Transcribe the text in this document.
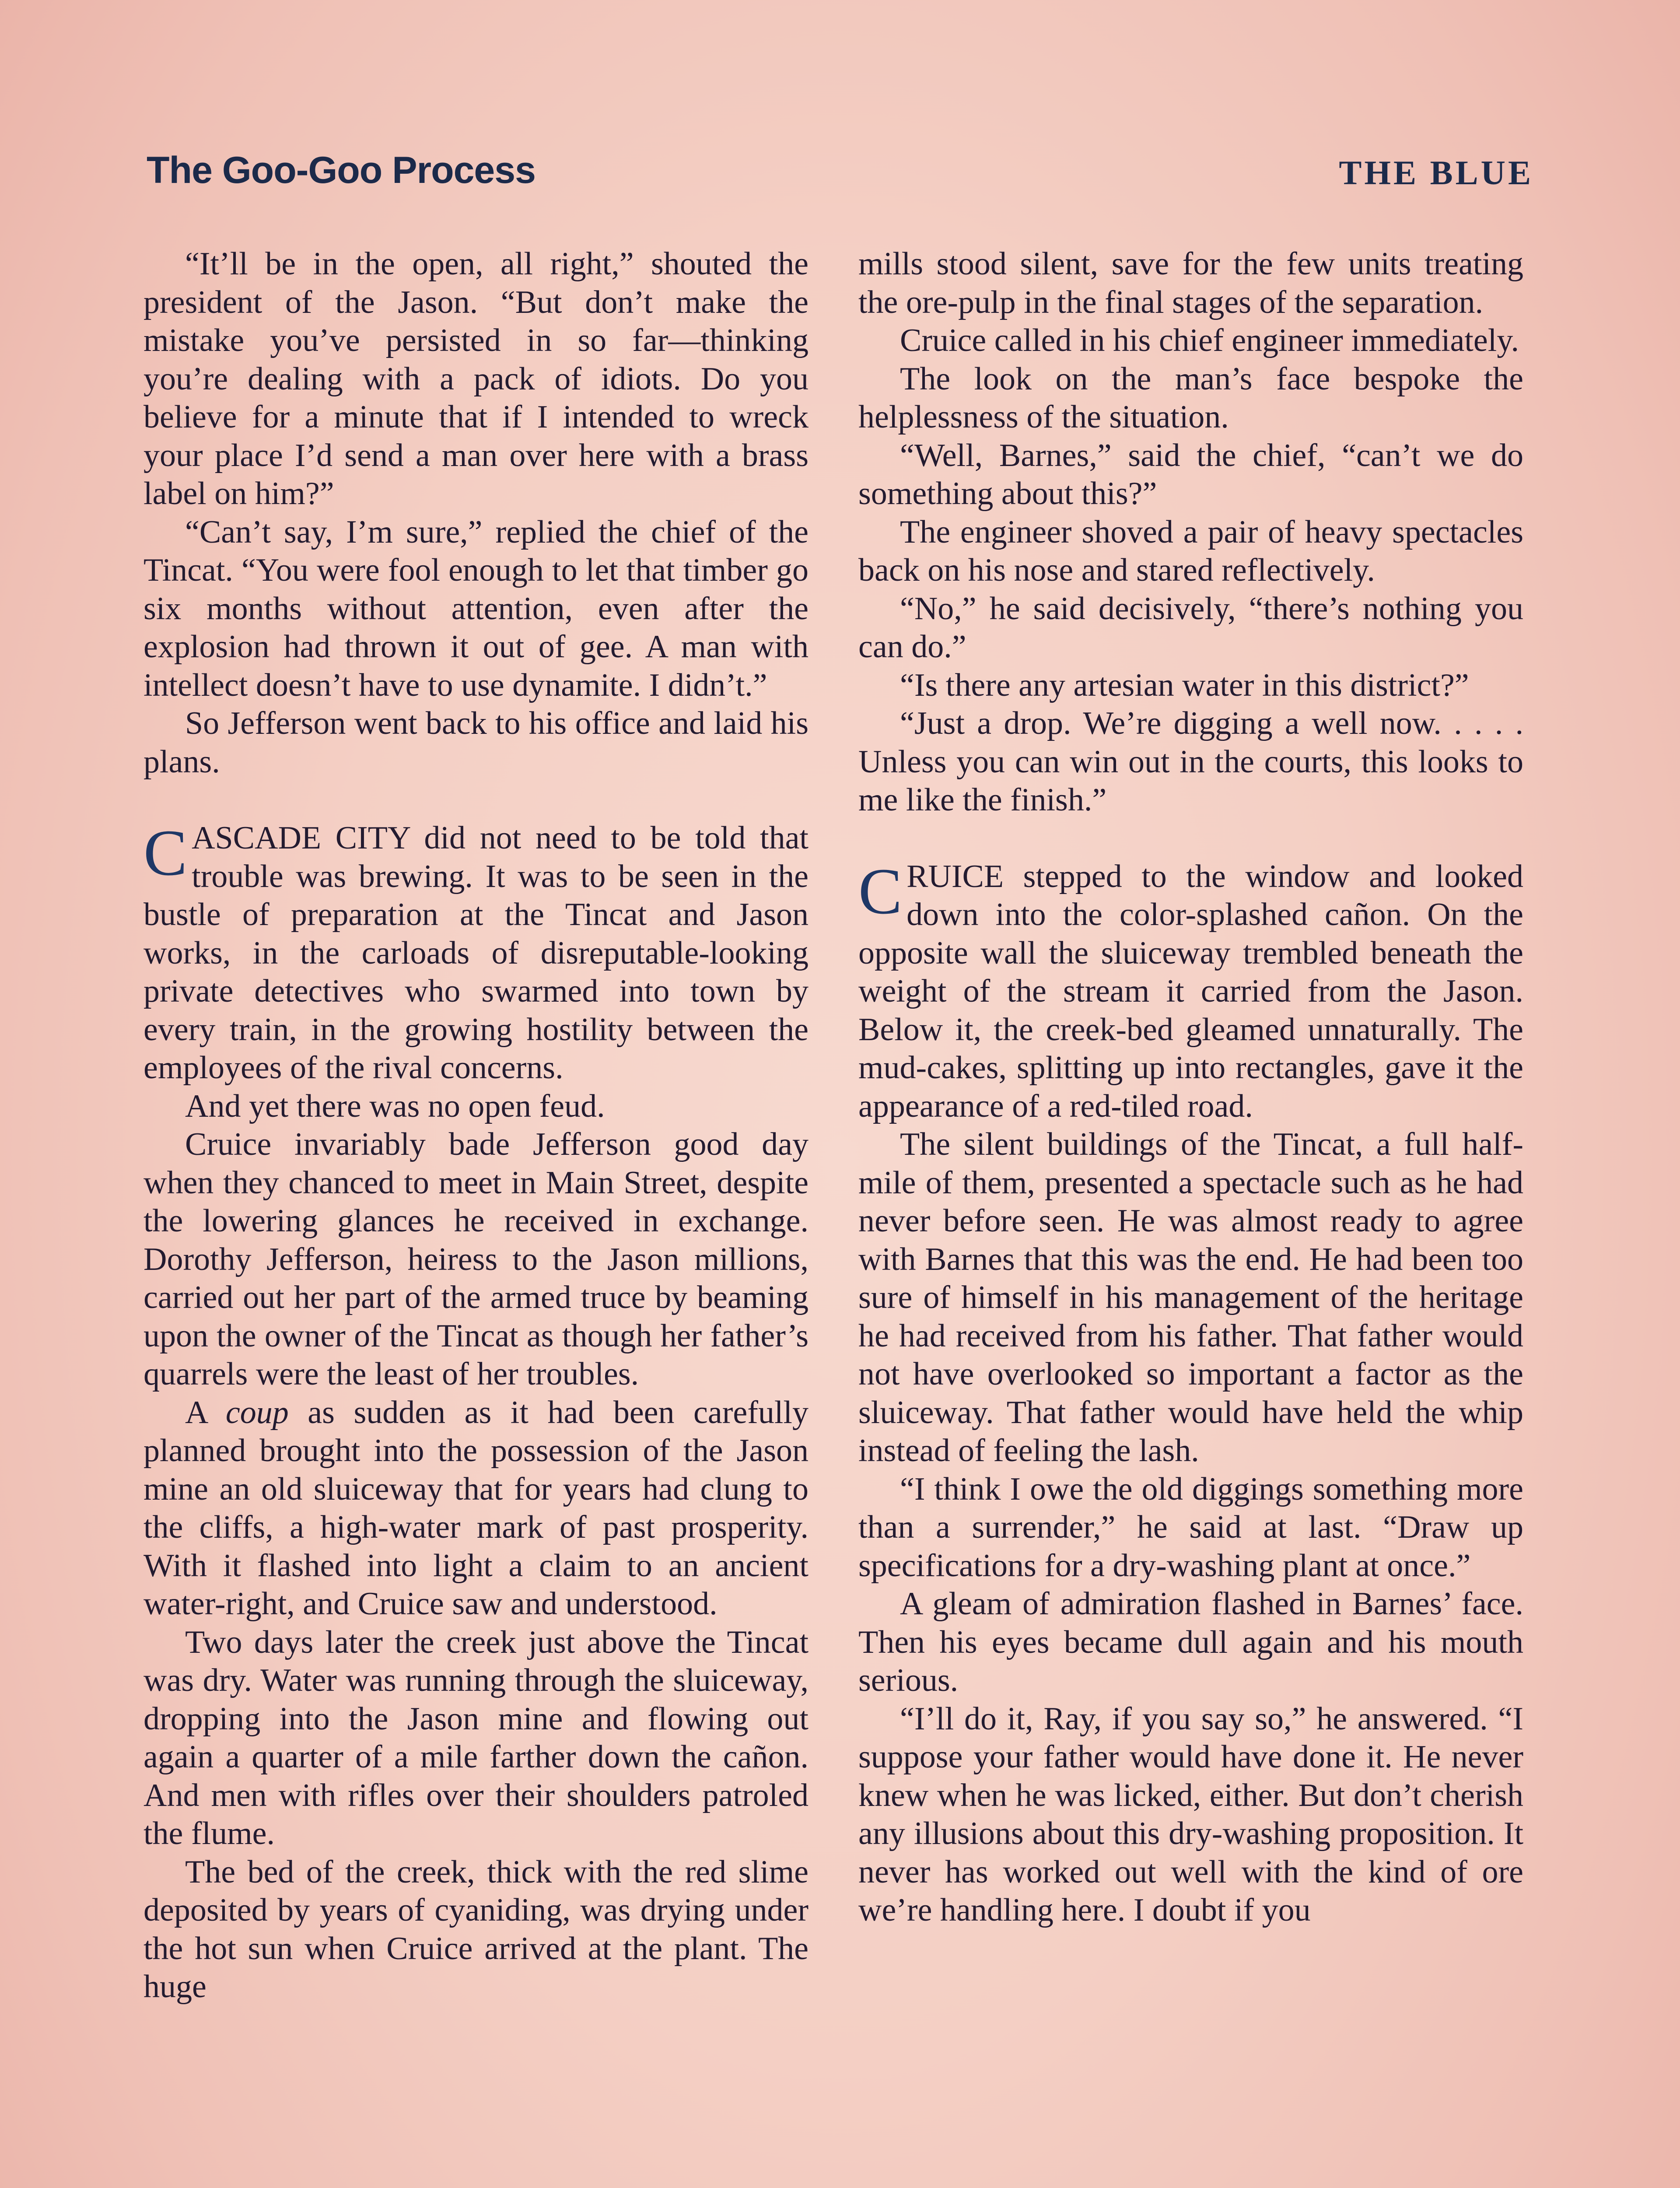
The Goo-Goo Process	THE BLUE

“It’ll be in the open, all right,” shouted the president of the Jason. “But don’t make the mistake you’ve persisted in so far—thinking you’re dealing with a pack of idiots. Do you believe for a minute that if I intended to wreck your place I’d send a man over here with a brass label on him?”

“Can’t say, I’m sure,” replied the chief of the Tincat. “You were fool enough to let that timber go six months without attention, even after the explosion had thrown it out of gee. A man with intellect doesn’t have to use dynamite. I didn’t.”

So Jefferson went back to his office and laid his plans.

CASCADE CITY did not need to be told that trouble was brewing. It was to be seen in the bustle of preparation at the Tincat and Jason works, in the carloads of disreputable-looking private detectives who swarmed into town by every train, in the growing hostility between the employees of the rival concerns.

And yet there was no open feud.

Cruice invariably bade Jefferson good day when they chanced to meet in Main Street, despite the lowering glances he received in exchange. Dorothy Jefferson, heiress to the Jason millions, carried out her part of the armed truce by beaming upon the owner of the Tincat as though her father’s quarrels were the least of her troubles.

A coup as sudden as it had been carefully planned brought into the possession of the Jason mine an old sluiceway that for years had clung to the cliffs, a high-water mark of past prosperity. With it flashed into light a claim to an ancient water-right, and Cruice saw and understood.

Two days later the creek just above the Tincat was dry. Water was running through the sluiceway, dropping into the Jason mine and flowing out again a quarter of a mile farther down the cañon. And men with rifles over their shoulders patroled the flume.

The bed of the creek, thick with the red slime deposited by years of cyaniding, was drying under the hot sun when Cruice arrived at the plant. The huge

mills stood silent, save for the few units treating the ore-pulp in the final stages of the separation.

Cruice called in his chief engineer immediately.

The look on the man’s face bespoke the helplessness of the situation.

“Well, Barnes,” said the chief, “can’t we do something about this?”

The engineer shoved a pair of heavy spectacles back on his nose and stared reflectively.

“No,” he said decisively, “there’s nothing you can do.”

“Is there any artesian water in this district?”

“Just a drop. We’re digging a well now. . . . . Unless you can win out in the courts, this looks to me like the finish.”

CRUICE stepped to the window and looked down into the color-splashed cañon. On the opposite wall the sluiceway trembled beneath the weight of the stream it carried from the Jason. Below it, the creek-bed gleamed unnaturally. The mud-cakes, splitting up into rectangles, gave it the appearance of a red-tiled road.

The silent buildings of the Tincat, a full half-mile of them, presented a spectacle such as he had never before seen. He was almost ready to agree with Barnes that this was the end. He had been too sure of himself in his management of the heritage he had received from his father. That father would not have overlooked so important a factor as the sluiceway. That father would have held the whip instead of feeling the lash.

“I think I owe the old diggings something more than a surrender,” he said at last. “Draw up specifications for a dry-washing plant at once.”

A gleam of admiration flashed in Barnes’ face. Then his eyes became dull again and his mouth serious.

“I’ll do it, Ray, if you say so,” he answered. “I suppose your father would have done it. He never knew when he was licked, either. But don’t cherish any illusions about this dry-washing proposition. It never has worked out well with the kind of ore we’re handling here. I doubt if you
